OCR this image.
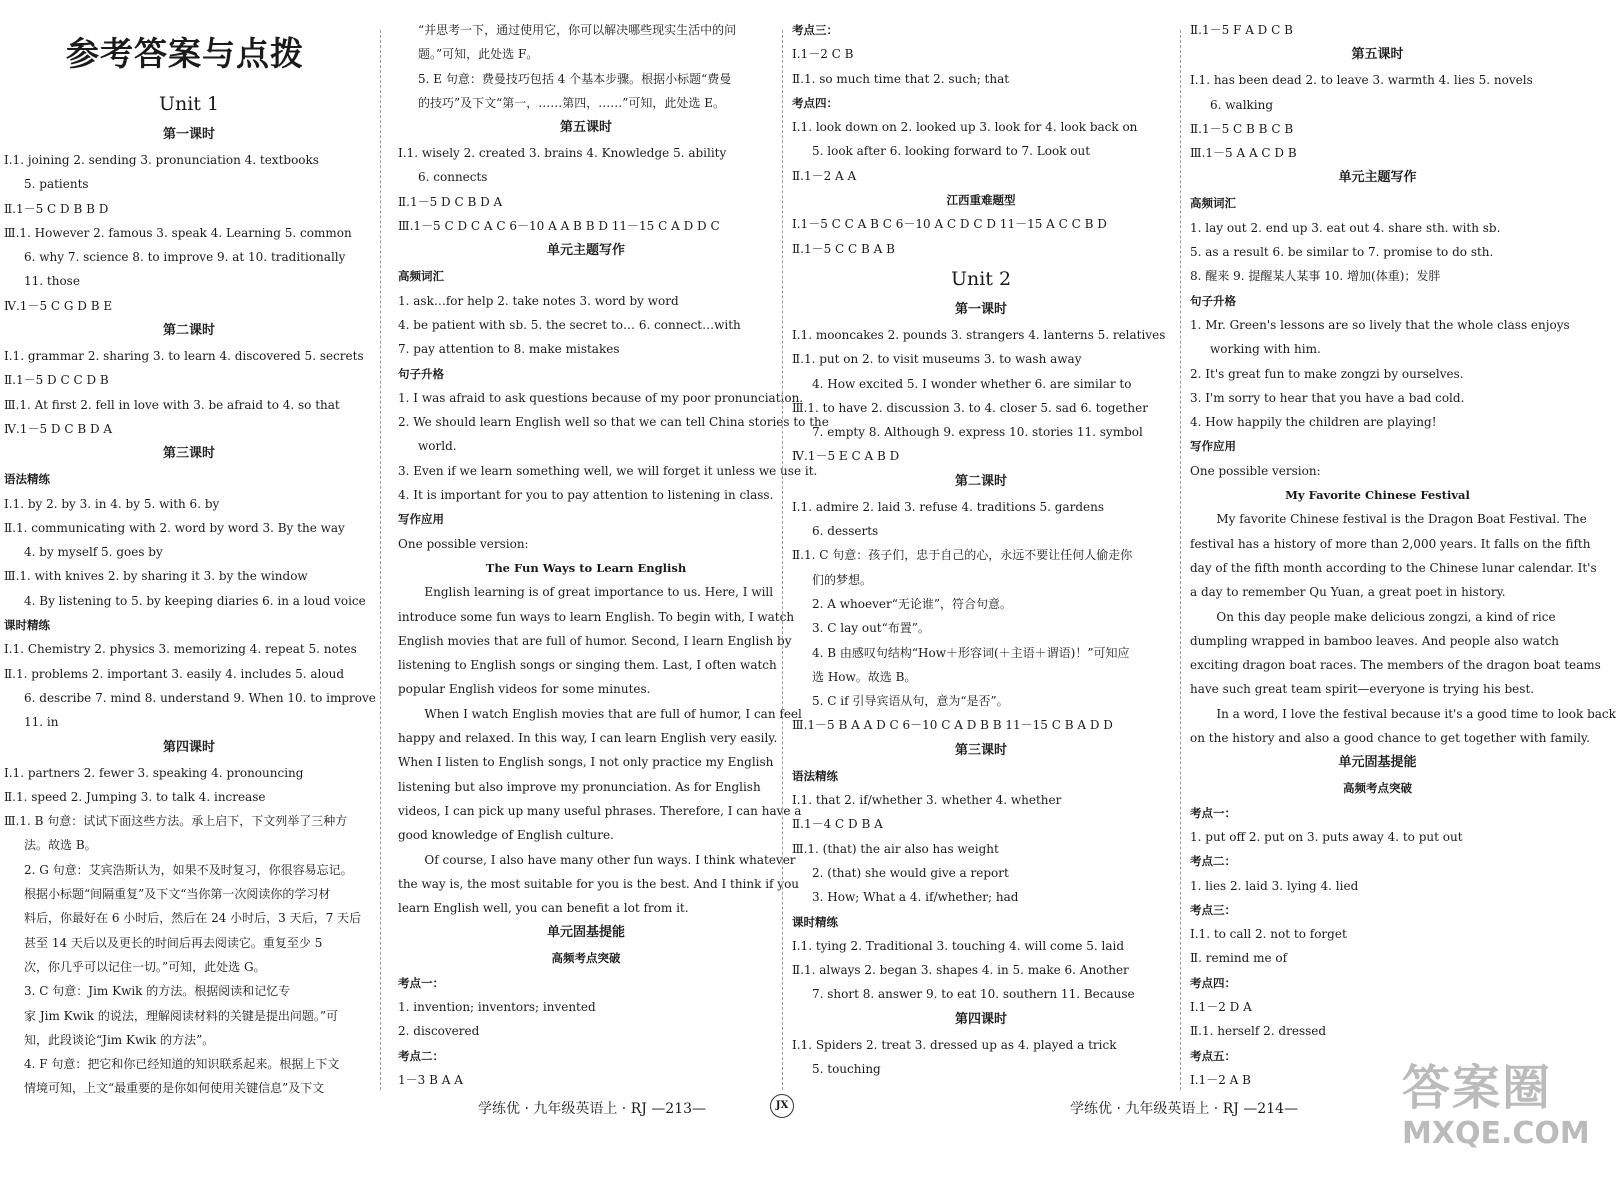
参考答案与点拨
Unit 1
第一课时
Ⅰ.1. joining 2. sending 3. pronunciation 4. textbooks
5. patients
Ⅱ.1－5 C D B B D
Ⅲ.1. However 2. famous 3. speak 4. Learning 5. common
6. why 7. science 8. to improve 9. at 10. traditionally
11. those
Ⅳ.1－5 C G D B E
第二课时
Ⅰ.1. grammar 2. sharing 3. to learn 4. discovered 5. secrets
Ⅱ.1－5 D C C D B
Ⅲ.1. At first 2. fell in love with 3. be afraid to 4. so that
Ⅳ.1－5 D C B D A
第三课时
语法精练
Ⅰ.1. by 2. by 3. in 4. by 5. with 6. by
Ⅱ.1. communicating with 2. word by word 3. By the way
4. by myself 5. goes by
Ⅲ.1. with knives 2. by sharing it 3. by the window
4. By listening to 5. by keeping diaries 6. in a loud voice
课时精练
Ⅰ.1. Chemistry 2. physics 3. memorizing 4. repeat 5. notes
Ⅱ.1. problems 2. important 3. easily 4. includes 5. aloud
6. describe 7. mind 8. understand 9. When 10. to improve
11. in
第四课时
Ⅰ.1. partners 2. fewer 3. speaking 4. pronouncing
Ⅱ.1. speed 2. Jumping 3. to talk 4. increase
Ⅲ.1. B 句意：试试下面这些方法。承上启下，下文列举了三种方
法。故选 B。
2. G 句意：艾宾浩斯认为，如果不及时复习，你很容易忘记。
根据小标题“间隔重复”及下文“当你第一次阅读你的学习材
料后，你最好在 6 小时后，然后在 24 小时后，3 天后，7 天后
甚至 14 天后以及更长的时间后再去阅读它。重复至少 5
次，你几乎可以记住一切。”可知，此处选 G。
3. C 句意：Jim Kwik 的方法。根据阅读和记忆专
家 Jim Kwik 的说法，理解阅读材料的关键是提出问题。”可
知，此段谈论“Jim Kwik 的方法”。
4. F 句意：把它和你已经知道的知识联系起来。根据上下文
情境可知，上文“最重要的是你如何使用关键信息”及下文
“并思考一下，通过使用它，你可以解决哪些现实生活中的问
题。”可知，此处选 F。
5. E 句意：费曼技巧包括 4 个基本步骤。根据小标题“费曼
的技巧”及下文“第一，……第四，……”可知，此处选 E。
第五课时
Ⅰ.1. wisely 2. created 3. brains 4. Knowledge 5. ability
6. connects
Ⅱ.1－5 D C B D A
Ⅲ.1－5 C D C A C 6－10 A A B B D 11－15 C A D D C
单元主题写作
高频词汇
1. ask…for help 2. take notes 3. word by word
4. be patient with sb. 5. the secret to… 6. connect…with
7. pay attention to 8. make mistakes
句子升格
1. I was afraid to ask questions because of my poor pronunciation.
2. We should learn English well so that we can tell China stories to the
world.
3. Even if we learn something well, we will forget it unless we use it.
4. It is important for you to pay attention to listening in class.
写作应用
One possible version:
The Fun Ways to Learn English
English learning is of great importance to us. Here, I will
introduce some fun ways to learn English. To begin with, I watch
English movies that are full of humor. Second, I learn English by
listening to English songs or singing them. Last, I often watch
popular English videos for some minutes.
When I watch English movies that are full of humor, I can feel
happy and relaxed. In this way, I can learn English very easily.
When I listen to English songs, I not only practice my English
listening but also improve my pronunciation. As for English
videos, I can pick up many useful phrases. Therefore, I can have a
good knowledge of English culture.
Of course, I also have many other fun ways. I think whatever
the way is, the most suitable for you is the best. And I think if you
learn English well, you can benefit a lot from it.
单元固基提能
高频考点突破
考点一：
1. invention; inventors; invented
2. discovered
考点二：
1－3 B A A
考点三：
Ⅰ.1－2 C B
Ⅱ.1. so much time that 2. such; that
考点四：
Ⅰ.1. look down on 2. looked up 3. look for 4. look back on
5. look after 6. looking forward to 7. Look out
Ⅱ.1－2 A A
江西重难题型
Ⅰ.1－5 C C A B C 6－10 A C D C D 11－15 A C C B D
Ⅱ.1－5 C C B A B
Unit 2
第一课时
Ⅰ.1. mooncakes 2. pounds 3. strangers 4. lanterns 5. relatives
Ⅱ.1. put on 2. to visit museums 3. to wash away
4. How excited 5. I wonder whether 6. are similar to
Ⅲ.1. to have 2. discussion 3. to 4. closer 5. sad 6. together
7. empty 8. Although 9. express 10. stories 11. symbol
Ⅳ.1－5 E C A B D
第二课时
Ⅰ.1. admire 2. laid 3. refuse 4. traditions 5. gardens
6. desserts
Ⅱ.1. C 句意：孩子们，忠于自己的心，永远不要让任何人偷走你
们的梦想。
2. A whoever“无论谁”，符合句意。
3. C lay out“布置”。
4. B 由感叹句结构“How＋形容词(＋主语＋谓语)！”可知应
选 How。故选 B。
5. C if 引导宾语从句，意为“是否”。
Ⅲ.1－5 B A A D C 6－10 C A D B B 11－15 C B A D D
第三课时
语法精练
Ⅰ.1. that 2. if/whether 3. whether 4. whether
Ⅱ.1－4 C D B A
Ⅲ.1. (that) the air also has weight
2. (that) she would give a report
3. How; What a 4. if/whether; had
课时精练
Ⅰ.1. tying 2. Traditional 3. touching 4. will come 5. laid
Ⅱ.1. always 2. began 3. shapes 4. in 5. make 6. Another
7. short 8. answer 9. to eat 10. southern 11. Because
第四课时
Ⅰ.1. Spiders 2. treat 3. dressed up as 4. played a trick
5. touching
Ⅱ.1－5 F A D C B
第五课时
Ⅰ.1. has been dead 2. to leave 3. warmth 4. lies 5. novels
6. walking
Ⅱ.1－5 C B B C B
Ⅲ.1－5 A A C D B
单元主题写作
高频词汇
1. lay out 2. end up 3. eat out 4. share sth. with sb.
5. as a result 6. be similar to 7. promise to do sth.
8. 醒来 9. 提醒某人某事 10. 增加(体重)；发胖
句子升格
1. Mr. Green's lessons are so lively that the whole class enjoys
working with him.
2. It's great fun to make zongzi by ourselves.
3. I'm sorry to hear that you have a bad cold.
4. How happily the children are playing!
写作应用
One possible version:
My Favorite Chinese Festival
My favorite Chinese festival is the Dragon Boat Festival. The
festival has a history of more than 2,000 years. It falls on the fifth
day of the fifth month according to the Chinese lunar calendar. It's
a day to remember Qu Yuan, a great poet in history.
On this day people make delicious zongzi, a kind of rice
dumpling wrapped in bamboo leaves. And people also watch
exciting dragon boat races. The members of the dragon boat teams
have such great team spirit—everyone is trying his best.
In a word, I love the festival because it's a good time to look back
on the history and also a good chance to get together with family.
单元固基提能
高频考点突破
考点一：
1. put off 2. put on 3. puts away 4. to put out
考点二：
1. lies 2. laid 3. lying 4. lied
考点三：
Ⅰ.1. to call 2. not to forget
Ⅱ. remind me of
考点四：
Ⅰ.1－2 D A
Ⅱ.1. herself 2. dressed
考点五：
Ⅰ.1－2 A B
学练优 · 九年级英语上 · RJ —213—	JX	学练优 · 九年级英语上 · RJ —214— 答案圈
MXQE.COM
